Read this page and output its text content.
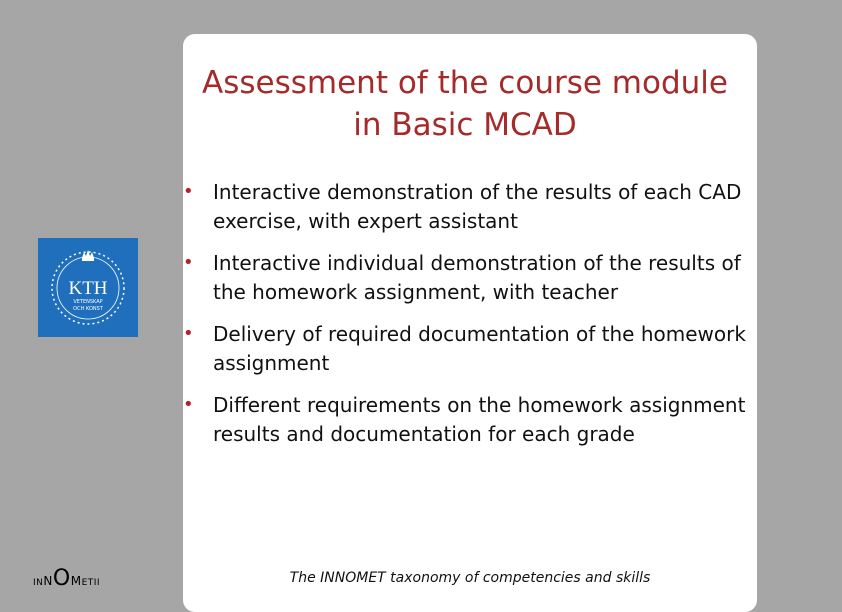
Assessment of the course module
in Basic MCAD
• Interactive demonstration of the results of each CAD exercise, with expert assistant
• Interactive individual demonstration of the results of the homework assignment, with teacher
• Delivery of required documentation of the homework assignment
• Different requirements on the homework assignment results and documentation for each grade
KTH
VETENSKAP
OCH KONST
INNOMETII	The INNOMET taxonomy of competencies and skills
